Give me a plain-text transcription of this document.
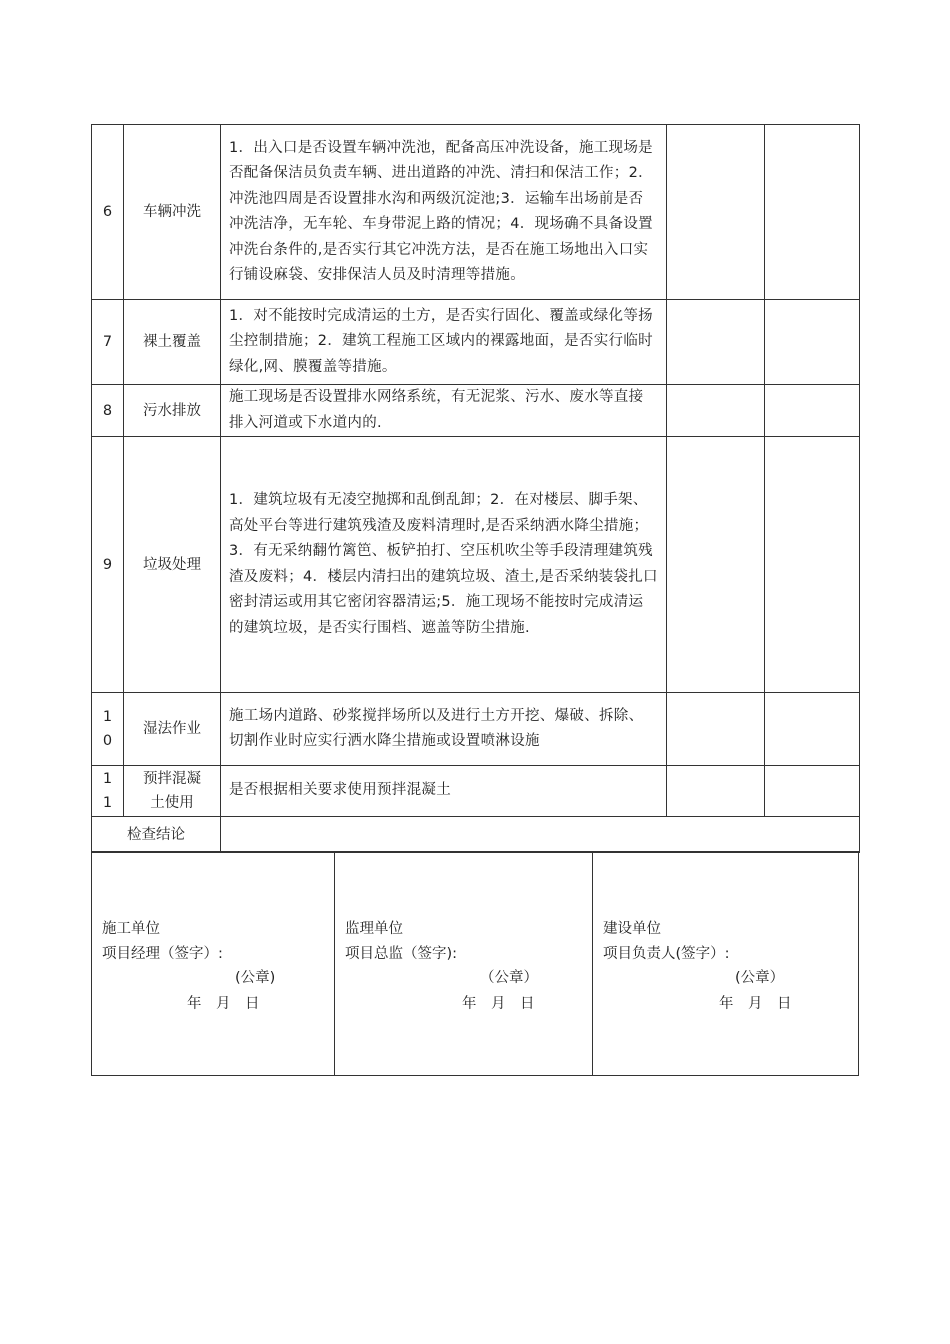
6	车辆冲洗	1．出入口是否设置车辆冲洗池，配备高压冲洗设备，施工现场是否配备保洁员负责车辆、进出道路的冲洗、清扫和保洁工作；2．冲洗池四周是否设置排水沟和两级沉淀池;3．运输车出场前是否冲洗洁净，无车轮、车身带泥上路的情况；4．现场确不具备设置冲洗台条件的,是否实行其它冲洗方法，是否在施工场地出入口实行铺设麻袋、安排保洁人员及时清理等措施。		
7	裸土覆盖	1．对不能按时完成清运的土方，是否实行固化、覆盖或绿化等扬尘控制措施；2．建筑工程施工区域内的裸露地面，是否实行临时绿化,网、膜覆盖等措施。		
8	污水排放	施工现场是否设置排水网络系统，有无泥浆、污水、废水等直接排入河道或下水道内的.		
9	垃圾处理	1．建筑垃圾有无凌空抛掷和乱倒乱卸；2．在对楼层、脚手架、高处平台等进行建筑残渣及废料清理时,是否采纳洒水降尘措施；3．有无采纳翻竹篱笆、板铲拍打、空压机吹尘等手段清理建筑残渣及废料；4．楼层内清扫出的建筑垃圾、渣土,是否采纳装袋扎口密封清运或用其它密闭容器清运;5．施工现场不能按时完成清运的建筑垃圾，是否实行围档、遮盖等防尘措施.		
10	湿法作业	施工场内道路、砂浆搅拌场所以及进行土方开挖、爆破、拆除、切割作业时应实行洒水降尘措施或设置喷淋设施		
11	预拌混凝土使用	是否根据相关要求使用预拌混凝土		
检查结论				
施工单位
项目经理（签字）:
(公章)
年　月　日
监理单位
项目总监（签字):
（公章）
年　月　日
建设单位
项目负责人(签字）:
(公章）
年　月　日
